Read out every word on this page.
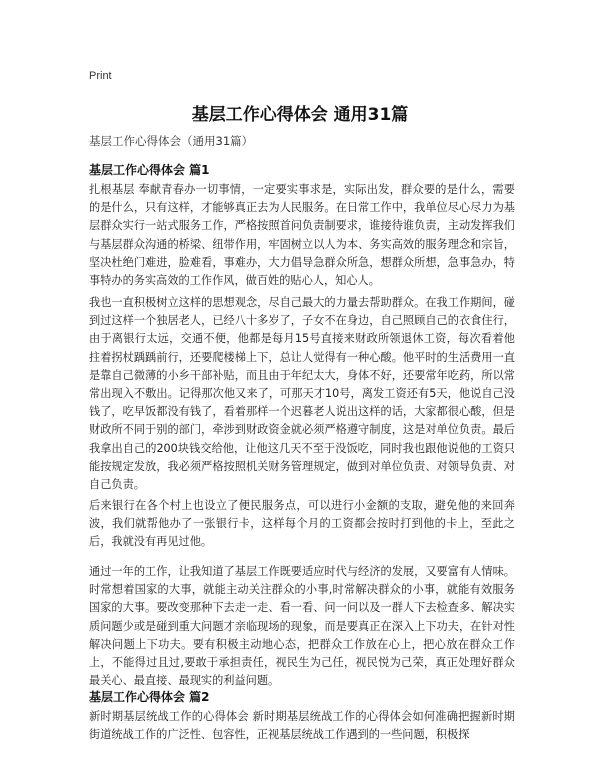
Print
基层工作心得体会 通用31篇
基层工作心得体会（通用31篇）
基层工作心得体会 篇1

扎根基层 奉献青春办一切事情，一定要实事求是，实际出发，群众要的是什么，需要的是什么，只有这样，才能够真正去为人民服务。在日常工作中，我单位尽心尽力为基层群众实行一站式服务工作，严格按照首问负责制要求，谁接待谁负责，主动发挥我们与基层群众沟通的桥梁、纽带作用，牢固树立以人为本、务实高效的服务理念和宗旨，坚决杜绝门难进，脸难看，事难办，大力倡导急群众所急，想群众所想，急事急办，特事特办的务实高效的工作作风，做百姓的贴心人，知心人。

我也一直积极树立这样的思想观念，尽自己最大的力量去帮助群众。在我工作期间，碰到过这样一个独居老人，已经八十多岁了，子女不在身边，自己照顾自己的衣食住行，由于离银行太远，交通不便，他都是每月15号直接来财政所领退休工资，每次看着他拄着拐杖踽踽前行，还要爬楼梯上下，总让人觉得有一种心酸。他平时的生活费用一直是靠自己微薄的小乡干部补贴，而且由于年纪太大，身体不好，还要常年吃药，所以常常出现入不敷出。记得那次他又来了，可那天才10号，离发工资还有5天，他说自己没钱了，吃早饭都没有钱了，看着那样一个迟暮老人说出这样的话，大家都很心酸，但是财政所不同于别的部门，牵涉到财政资金就必须严格遵守制度，这是对单位负责。最后我拿出自己的200块钱交给他，让他这几天不至于没饭吃，同时我也跟他说他的工资只能按规定发放，我必须严格按照机关财务管理规定，做到对单位负责、对领导负责、对自己负责。

后来银行在各个村上也设立了便民服务点，可以进行小金额的支取，避免他的来回奔波，我们就帮他办了一张银行卡，这样每个月的工资都会按时打到他的卡上，至此之后，我就没有再见过他。

通过一年的工作，让我知道了基层工作既要适应时代与经济的发展，又要富有人情味。时常想着国家的大事，就能主动关注群众的小事,时常解决群众的小事，就能有效服务国家的大事。要改变那种下去走一走、看一看、问一问以及一群人下去检查多、解决实质问题少或是碰到重大问题才亲临现场的现象，而是要真正在深入上下功夫，在针对性解决问题上下功夫。要有积极主动地心态，把群众工作放在心上，把心放在群众工作上，不能得过且过,要敢于承担责任，视民生为己任，视民悦为己荣，真正处理好群众最关心、最直接、最现实的利益问题。

基层工作心得体会 篇2

新时期基层统战工作的心得体会 新时期基层统战工作的心得体会如何准确把握新时期街道统战工作的广泛性、包容性，正视基层统战工作遇到的一些问题，积极探
